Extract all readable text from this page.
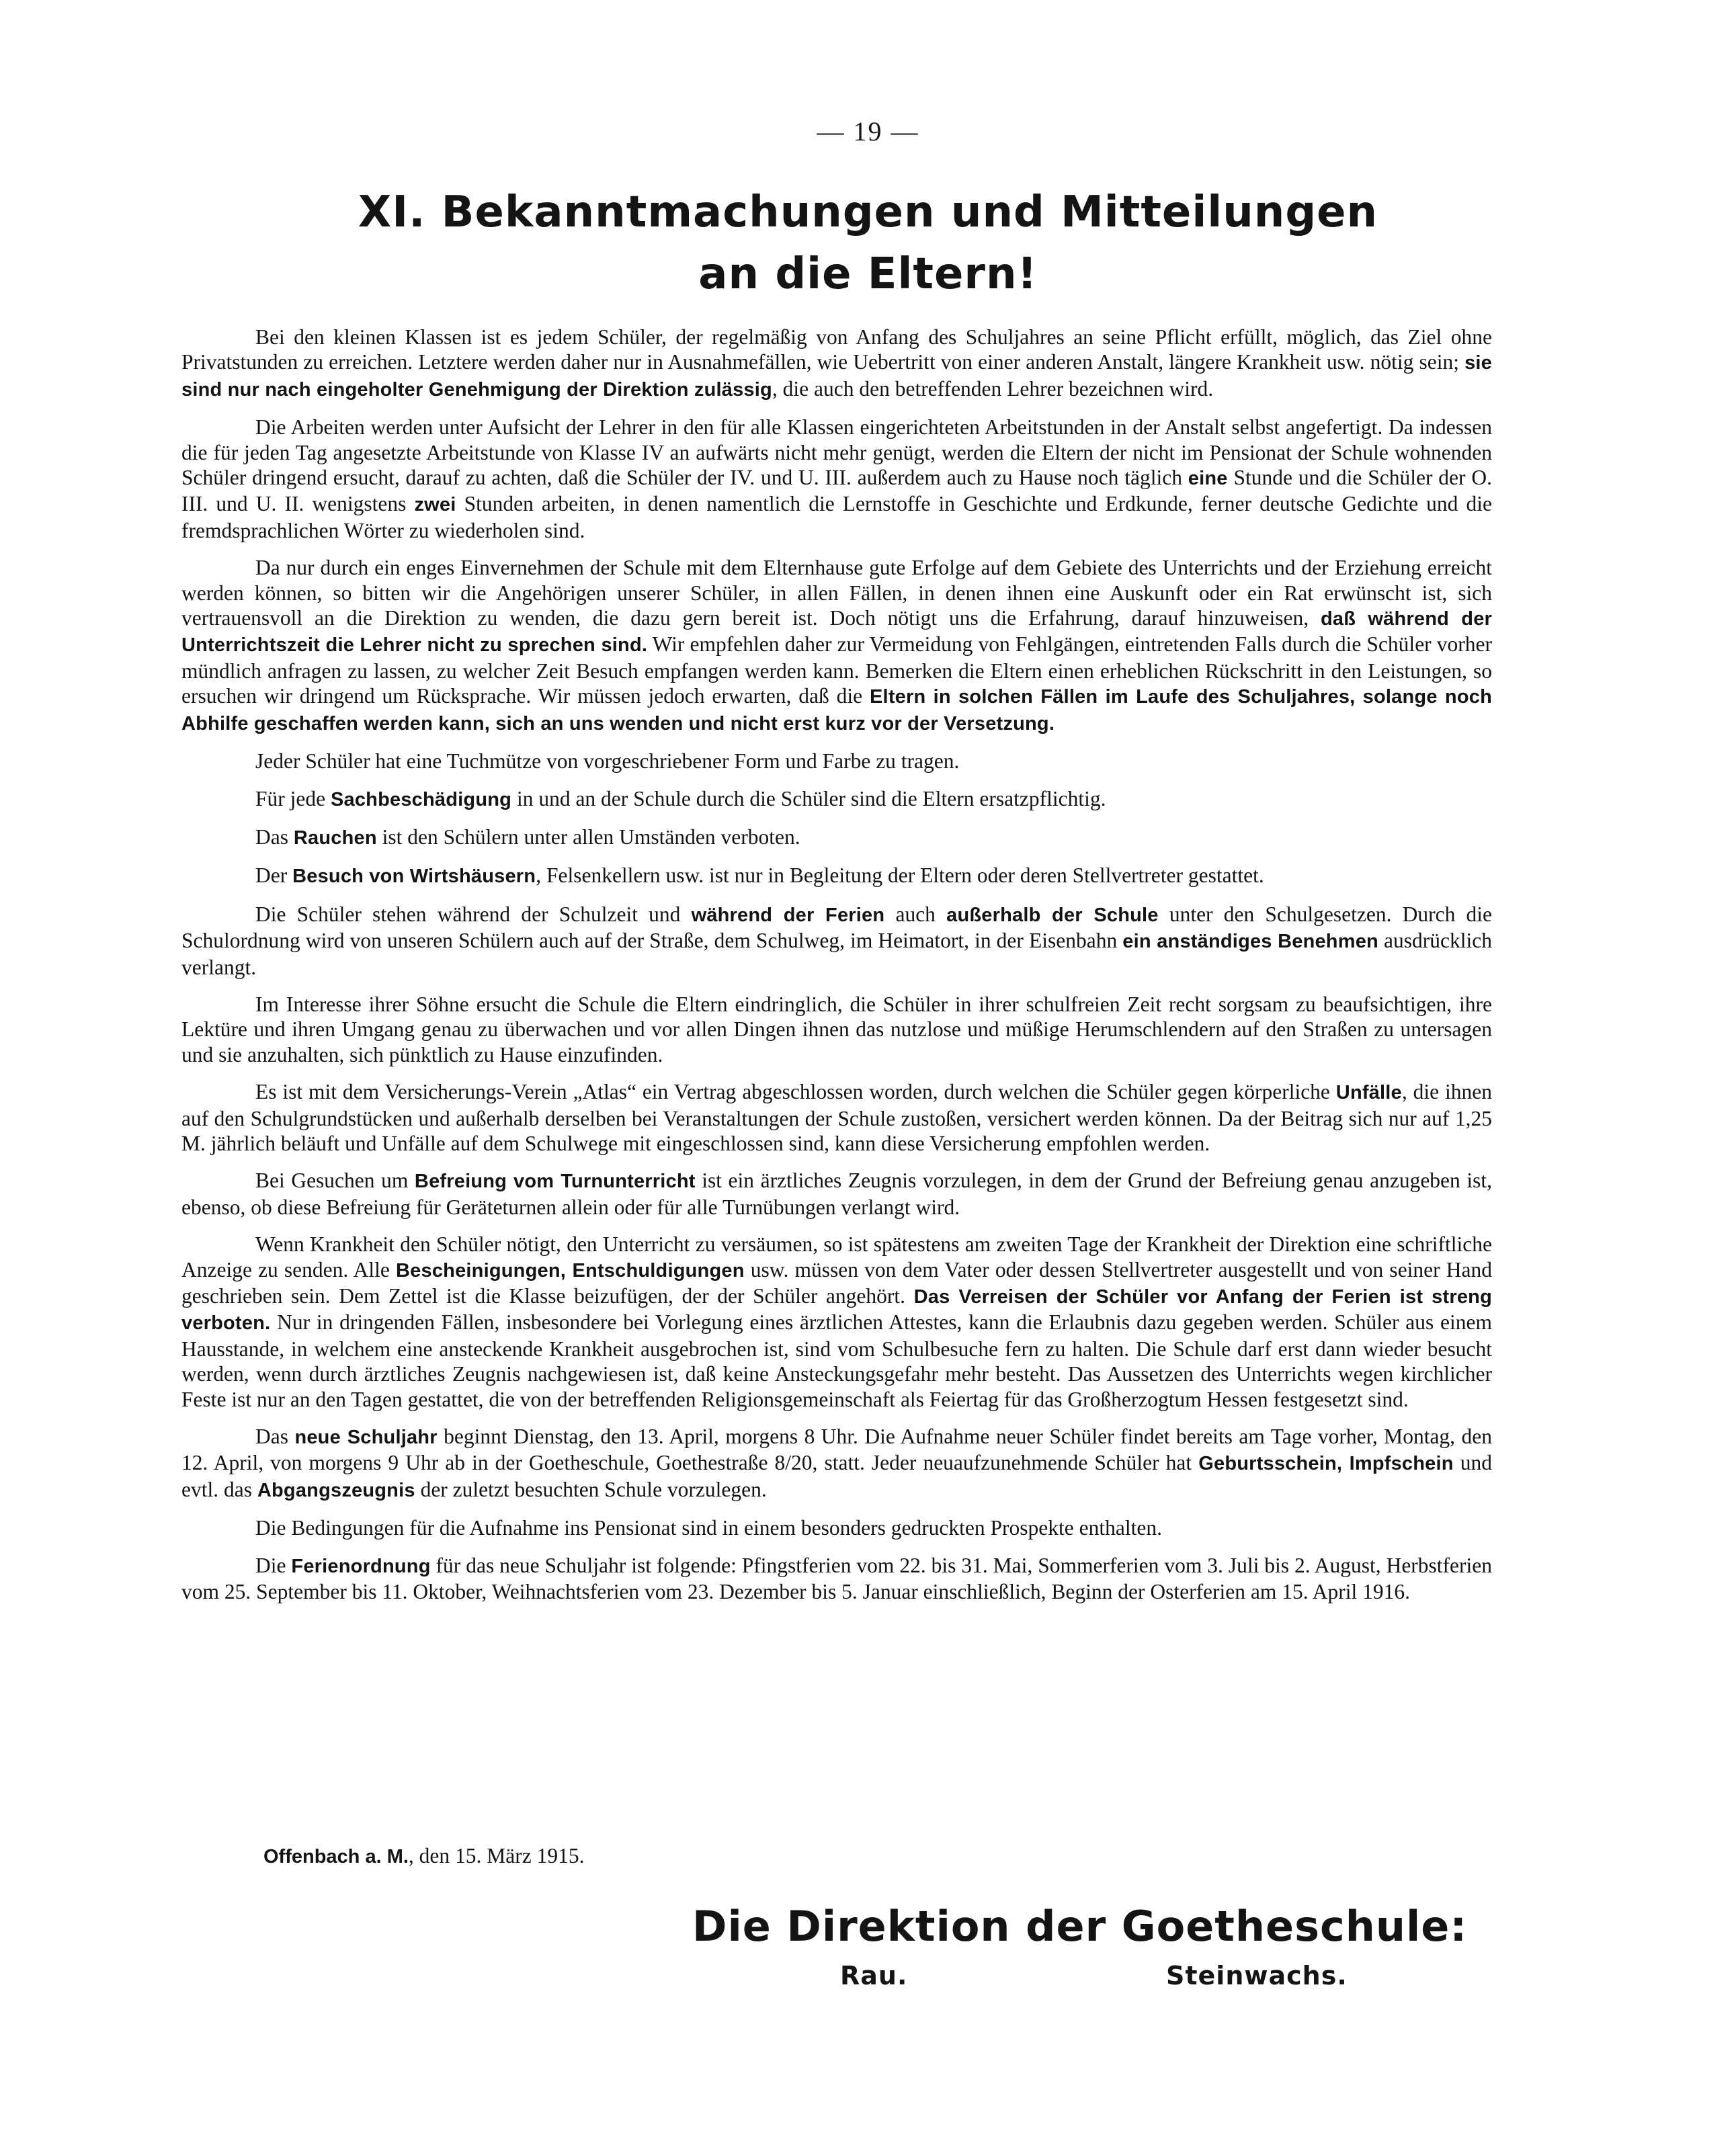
— 19 —
XI. Bekanntmachungen und Mitteilungen
an die Eltern!

Bei den kleinen Klassen ist es jedem Schüler, der regelmäßig von Anfang des Schuljahres an seine Pflicht erfüllt, möglich, das Ziel ohne Privatstunden zu erreichen. Letztere werden daher nur in Ausnahmefällen, wie Uebertritt von einer anderen Anstalt, längere Krankheit usw. nötig sein; sie sind nur nach eingeholter Genehmigung der Direktion zulässig, die auch den betreffenden Lehrer bezeichnen wird.

Die Arbeiten werden unter Aufsicht der Lehrer in den für alle Klassen eingerichteten Arbeitstunden in der Anstalt selbst angefertigt. Da indessen die für jeden Tag angesetzte Arbeitstunde von Klasse IV an aufwärts nicht mehr genügt, werden die Eltern der nicht im Pensionat der Schule wohnenden Schüler dringend ersucht, darauf zu achten, daß die Schüler der IV. und U. III. außerdem auch zu Hause noch täglich eine Stunde und die Schüler der O. III. und U. II. wenigstens zwei Stunden arbeiten, in denen namentlich die Lernstoffe in Geschichte und Erdkunde, ferner deutsche Gedichte und die fremdsprachlichen Wörter zu wiederholen sind.

Da nur durch ein enges Einvernehmen der Schule mit dem Elternhause gute Erfolge auf dem Gebiete des Unterrichts und der Erziehung erreicht werden können, so bitten wir die Angehörigen unserer Schüler, in allen Fällen, in denen ihnen eine Auskunft oder ein Rat erwünscht ist, sich vertrauensvoll an die Direktion zu wenden, die dazu gern bereit ist. Doch nötigt uns die Erfahrung, darauf hinzuweisen, daß während der Unterrichtszeit die Lehrer nicht zu sprechen sind. Wir empfehlen daher zur Vermeidung von Fehlgängen, eintretenden Falls durch die Schüler vorher mündlich anfragen zu lassen, zu welcher Zeit Besuch empfangen werden kann. Bemerken die Eltern einen erheblichen Rückschritt in den Leistungen, so ersuchen wir dringend um Rücksprache. Wir müssen jedoch erwarten, daß die Eltern in solchen Fällen im Laufe des Schuljahres, solange noch Abhilfe geschaffen werden kann, sich an uns wenden und nicht erst kurz vor der Versetzung.

Jeder Schüler hat eine Tuchmütze von vorgeschriebener Form und Farbe zu tragen.

Für jede Sachbeschädigung in und an der Schule durch die Schüler sind die Eltern ersatzpflichtig.

Das Rauchen ist den Schülern unter allen Umständen verboten.

Der Besuch von Wirtshäusern, Felsenkellern usw. ist nur in Begleitung der Eltern oder deren Stellvertreter gestattet.

Die Schüler stehen während der Schulzeit und während der Ferien auch außerhalb der Schule unter den Schulgesetzen. Durch die Schulordnung wird von unseren Schülern auch auf der Straße, dem Schulweg, im Heimatort, in der Eisenbahn ein anständiges Benehmen ausdrücklich verlangt.

Im Interesse ihrer Söhne ersucht die Schule die Eltern eindringlich, die Schüler in ihrer schulfreien Zeit recht sorgsam zu beaufsichtigen, ihre Lektüre und ihren Umgang genau zu überwachen und vor allen Dingen ihnen das nutzlose und müßige Herumschlendern auf den Straßen zu untersagen und sie anzuhalten, sich pünktlich zu Hause einzufinden.

Es ist mit dem Versicherungs-Verein „Atlas“ ein Vertrag abgeschlossen worden, durch welchen die Schüler gegen körperliche Unfälle, die ihnen auf den Schulgrundstücken und außerhalb derselben bei Veranstaltungen der Schule zustoßen, versichert werden können. Da der Beitrag sich nur auf 1,25 M. jährlich beläuft und Unfälle auf dem Schulwege mit eingeschlossen sind, kann diese Versicherung empfohlen werden.

Bei Gesuchen um Befreiung vom Turnunterricht ist ein ärztliches Zeugnis vorzulegen, in dem der Grund der Befreiung genau anzugeben ist, ebenso, ob diese Befreiung für Geräteturnen allein oder für alle Turnübungen verlangt wird.

Wenn Krankheit den Schüler nötigt, den Unterricht zu versäumen, so ist spätestens am zweiten Tage der Krankheit der Direktion eine schriftliche Anzeige zu senden. Alle Bescheinigungen, Entschuldigungen usw. müssen von dem Vater oder dessen Stellvertreter ausgestellt und von seiner Hand geschrieben sein. Dem Zettel ist die Klasse beizufügen, der der Schüler angehört. Das Verreisen der Schüler vor Anfang der Ferien ist streng verboten. Nur in dringenden Fällen, insbesondere bei Vorlegung eines ärztlichen Attestes, kann die Erlaubnis dazu gegeben werden. Schüler aus einem Hausstande, in welchem eine ansteckende Krankheit ausgebrochen ist, sind vom Schulbesuche fern zu halten. Die Schule darf erst dann wieder besucht werden, wenn durch ärztliches Zeugnis nachgewiesen ist, daß keine Ansteckungsgefahr mehr besteht. Das Aussetzen des Unterrichts wegen kirchlicher Feste ist nur an den Tagen gestattet, die von der betreffenden Religionsgemeinschaft als Feiertag für das Großherzogtum Hessen festgesetzt sind.

Das neue Schuljahr beginnt Dienstag, den 13. April, morgens 8 Uhr. Die Aufnahme neuer Schüler findet bereits am Tage vorher, Montag, den 12. April, von morgens 9 Uhr ab in der Goetheschule, Goethestraße 8/20, statt. Jeder neuaufzunehmende Schüler hat Geburtsschein, Impfschein und evtl. das Abgangszeugnis der zuletzt besuchten Schule vorzulegen.

Die Bedingungen für die Aufnahme ins Pensionat sind in einem besonders gedruckten Prospekte enthalten.

Die Ferienordnung für das neue Schuljahr ist folgende: Pfingstferien vom 22. bis 31. Mai, Sommerferien vom 3. Juli bis 2. August, Herbstferien vom 25. September bis 11. Oktober, Weihnachtsferien vom 23. Dezember bis 5. Januar einschließlich, Beginn der Osterferien am 15. April 1916.

Offenbach a. M., den 15. März 1915.
Die Direktion der Goetheschule:
Rau.	Steinwachs.
